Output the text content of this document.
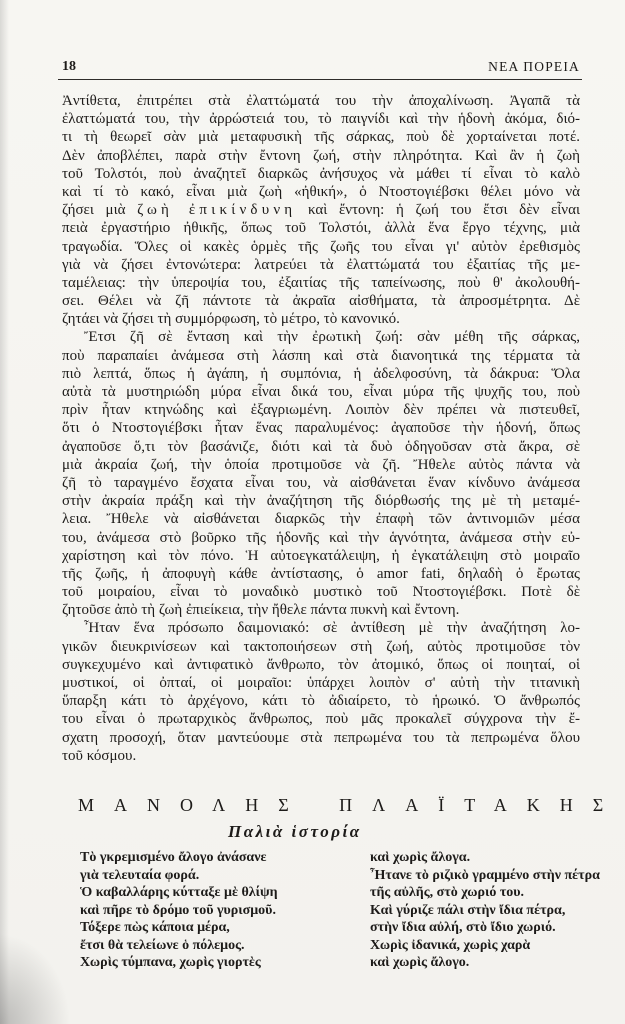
18	ΝΕΑ ΠΟΡΕΙΑ
Ἀντίθετα, ἐπιτρέπει στὰ ἐλαττώματά του τὴν ἀποχαλίνωση. Ἀγαπᾶ τὰ
ἐλαττώματά του, τὴν ἀρρώστειά του, τὸ παιγνίδι καὶ τὴν ἡδονὴ ἀκόμα, διό-
τι τὴ θεωρεῖ σὰν μιὰ μεταφυσικὴ τῆς σάρκας, ποὺ δὲ χορταίνεται ποτέ.
Δὲν ἀποβλέπει, παρὰ στὴν ἔντονη ζωή, στὴν πληρότητα. Καὶ ἂν ἡ ζωὴ
τοῦ Τολστόι, ποὺ ἀναζητεῖ διαρκῶς ἀνήσυχος νὰ μάθει τί εἶναι τὸ καλὸ
καὶ τί τὸ κακό, εἶναι μιὰ ζωὴ «ἠθική», ὁ Ντοστογιέβσκι θέλει μόνο νὰ
ζήσει μιὰ ζωὴ ἐπικίνδυνη καὶ ἔντονη: ἡ ζωή του ἔτσι δὲν εἶναι
πειὰ ἐργαστήριο ἠθικῆς, ὅπως τοῦ Τολστόι, ἀλλὰ ἕνα ἔργο τέχνης, μιὰ
τραγωδία. Ὅλες οἱ κακὲς ὁρμὲς τῆς ζωῆς του εἶναι γι' αὐτὸν ἐρεθισμὸς
γιὰ νὰ ζήσει ἐντονώτερα: λατρεύει τὰ ἐλαττώματά του ἐξαιτίας τῆς με-
ταμέλειας: τὴν ὑπεροψία του, ἐξαιτίας τῆς ταπείνωσης, ποὺ θ' ἀκολουθή-
σει. Θέλει νὰ ζῆ πάντοτε τὰ ἀκραῖα αἰσθήματα, τὰ ἀπροσμέτρητα. Δὲ
ζητάει νὰ ζήσει τὴ συμμόρφωση, τὸ μέτρο, τὸ κανονικό.
Ἔτσι ζῆ σὲ ἔνταση καὶ τὴν ἐρωτικὴ ζωή: σὰν μέθη τῆς σάρκας,
ποὺ παραπαίει ἀνάμεσα στὴ λάσπη καὶ στὰ διανοητικά της τέρματα τὰ
πιὸ λεπτά, ὅπως ἡ ἀγάπη, ἡ συμπόνια, ἡ ἀδελφοσύνη, τὰ δάκρυα: Ὅλα
αὐτὰ τὰ μυστηριώδη μύρα εἶναι δικά του, εἶναι μύρα τῆς ψυχῆς του, ποὺ
πρὶν ἦταν κτηνώδης καὶ ἐξαγριωμένη. Λοιπὸν δὲν πρέπει νὰ πιστευθεῖ,
ὅτι ὁ Ντοστογιέβσκι ἦταν ἕνας παραλυμένος: ἀγαποῦσε τὴν ἡδονή, ὅπως
ἀγαποῦσε ὅ,τι τὸν βασάνιζε, διότι καὶ τὰ δυὸ ὁδηγοῦσαν στὰ ἄκρα, σὲ
μιὰ ἀκραία ζωή, τὴν ὁποία προτιμοῦσε νὰ ζῆ. Ἤθελε αὐτὸς πάντα νὰ
ζῆ τὸ ταραγμένο ἔσχατα εἶναι του, νὰ αἰσθάνεται ἕναν κίνδυνο ἀνάμεσα
στὴν ἀκραία πράξη καὶ τὴν ἀναζήτηση τῆς διόρθωσής της μὲ τὴ μεταμέ-
λεια. Ἤθελε νὰ αἰσθάνεται διαρκῶς τὴν ἐπαφὴ τῶν ἀντινομιῶν μέσα
του, ἀνάμεσα στὸ βοῦρκο τῆς ἡδονῆς καὶ τὴν ἁγνότητα, ἀνάμεσα στὴν εὐ-
χαρίστηση καὶ τὸν πόνο. Ἡ αὐτοεγκατάλειψη, ἡ ἐγκατάλειψη στὸ μοιραῖο
τῆς ζωῆς, ἡ ἀποφυγὴ κάθε ἀντίστασης, ὁ amor fati, δηλαδὴ ὁ ἔρωτας
τοῦ μοιραίου, εἶναι τὸ μοναδικὸ μυστικὸ τοῦ Ντοστογιέβσκι. Ποτὲ δὲ
ζητοῦσε ἀπὸ τὴ ζωὴ ἐπιείκεια, τὴν ἤθελε πάντα πυκνὴ καὶ ἔντονη.
Ἦταν ἕνα πρόσωπο δαιμονιακό: σὲ ἀντίθεση μὲ τὴν ἀναζήτηση λο-
γικῶν διευκρινίσεων καὶ τακτοποιήσεων στὴ ζωή, αὐτὸς προτιμοῦσε τὸν
συγκεχυμένο καὶ ἀντιφατικὸ ἄνθρωπο, τὸν ἀτομικό, ὅπως οἱ ποιηταί, οἱ
μυστικοί, οἱ ὀπταί, οἱ μοιραῖοι: ὑπάρχει λοιπὸν σ' αὐτὴ τὴν τιτανικὴ
ὕπαρξη κάτι τὸ ἀρχέγονο, κάτι τὸ ἀδιαίρετο, τὸ ἡρωικό. Ὁ ἄνθρωπός
του εἶναι ὁ πρωταρχικὸς ἄνθρωπος, ποὺ μᾶς προκαλεῖ σύγχρονα τὴν ἔ-
σχατη προσοχή, ὅταν μαντεύουμε στὰ πεπρωμένα του τὰ πεπρωμένα ὅλου
τοῦ κόσμου.
ΜΑΝΟΛΗΣ ΠΛΑΪΤΑΚΗΣ
Παλιὰ ἱστορία
Τὸ γκρεμισμένο ἄλογο ἀνάσανε
γιὰ τελευταία φορά.
Ὁ καβαλλάρης κύτταξε μὲ θλίψη
καὶ πῆρε τὸ δρόμο τοῦ γυρισμοῦ.
Τόξερε πὼς κάποια μέρα,
ἔτσι θὰ τελείωνε ὁ πόλεμος.
Χωρὶς τύμπανα, χωρὶς γιορτὲς
καὶ χωρὶς ἄλογα.
Ἦτανε τὸ ριζικὸ γραμμένο στὴν πέτρα
τῆς αὐλῆς, στὸ χωριό του.
Καὶ γύριζε πάλι στὴν ἴδια πέτρα,
στὴν ἴδια αὐλή, στὸ ἴδιο χωριό.
Χωρὶς ἰδανικά, χωρὶς χαρὰ
καὶ χωρὶς ἄλογο.
